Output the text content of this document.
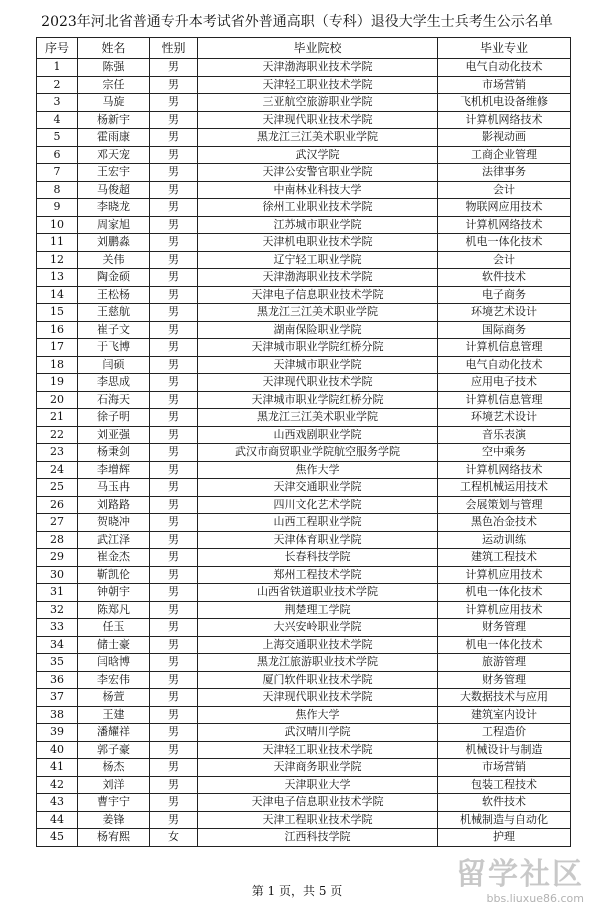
2023年河北省普通专升本考试省外普通高职（专科）退役大学生士兵考生公示名单
序号	姓名	性别	毕业院校	毕业专业
1	陈强	男	天津渤海职业技术学院	电气自动化技术
2	宗任	男	天津轻工职业技术学院	市场营销
3	马旋	男	三亚航空旅游职业学院	飞机机电设备维修
4	杨新宇	男	天津现代职业技术学院	计算机网络技术
5	霍雨康	男	黑龙江三江美术职业学院	影视动画
6	邓天宠	男	武汉学院	工商企业管理
7	王宏宇	男	天津公安警官职业学院	法律事务
8	马俊超	男	中南林业科技大学	会计
9	李晓龙	男	徐州工业职业技术学院	物联网应用技术
10	周家旭	男	江苏城市职业学院	计算机网络技术
11	刘鹏淼	男	天津机电职业技术学院	机电一体化技术
12	关伟	男	辽宁轻工职业学院	会计
13	陶金硕	男	天津渤海职业技术学院	软件技术
14	王松杨	男	天津电子信息职业技术学院	电子商务
15	王慈航	男	黑龙江三江美术职业学院	环境艺术设计
16	崔子文	男	湖南保险职业学院	国际商务
17	于飞博	男	天津城市职业学院红桥分院	计算机信息管理
18	闫硕	男	天津城市职业学院	电气自动化技术
19	李思成	男	天津现代职业技术学院	应用电子技术
20	石海天	男	天津城市职业学院红桥分院	计算机信息管理
21	徐子明	男	黑龙江三江美术职业学院	环境艺术设计
22	刘亚强	男	山西戏剧职业学院	音乐表演
23	杨秉剑	男	武汉市商贸职业学院航空服务学院	空中乘务
24	李增辉	男	焦作大学	计算机网络技术
25	马玉冉	男	天津交通职业学院	工程机械运用技术
26	刘路路	男	四川文化艺术学院	会展策划与管理
27	贺晓冲	男	山西工程职业学院	黑色冶金技术
28	武江泽	男	天津体育职业学院	运动训练
29	崔金杰	男	长春科技学院	建筑工程技术
30	靳凯伦	男	郑州工程技术学院	计算机应用技术
31	钟朝宇	男	山西省铁道职业技术学院	机电一体化技术
32	陈郑凡	男	荆楚理工学院	计算机应用技术
33	任玉	男	大兴安岭职业学院	财务管理
34	储士豪	男	上海交通职业技术学院	机电一体化技术
35	闫晗博	男	黑龙江旅游职业技术学院	旅游管理
36	李宏伟	男	厦门软件职业技术学院	财务管理
37	杨萱	男	天津现代职业技术学院	大数据技术与应用
38	王建	男	焦作大学	建筑室内设计
39	潘耀祥	男	武汉晴川学院	工程造价
40	郭子豪	男	天津轻工职业技术学院	机械设计与制造
41	杨杰	男	天津商务职业学院	市场营销
42	刘洋	男	天津职业大学	包装工程技术
43	曹宇宁	男	天津电子信息职业技术学院	软件技术
44	姜锋	男	天津工程职业技术学院	机械制造与自动化
45	杨宥熙	女	江西科技学院	护理
第 1 页，共 5 页	留学社区
bbs.liuxue86.com
